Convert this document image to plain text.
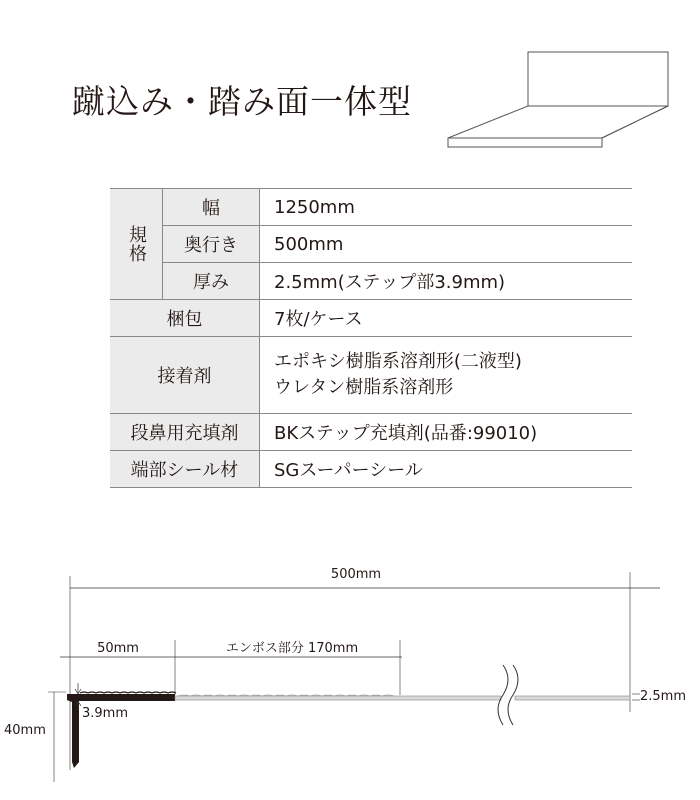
蹴込み・踏み面一体型
規格	幅	1250mm
	奥行き	500mm
	厚み	2.5mm(ステップ部3.9mm)
梱包		7枚/ケース
接着剤		エポキシ樹脂系溶剤形(二液型)
ウレタン樹脂系溶剤形

段鼻用充填剤		BKステップ充填剤(品番:99010)
端部シール材		SGスーパーシール
500mm
50mm	エンボス部分 170mm
3.9mm
2.5mm
40mm
